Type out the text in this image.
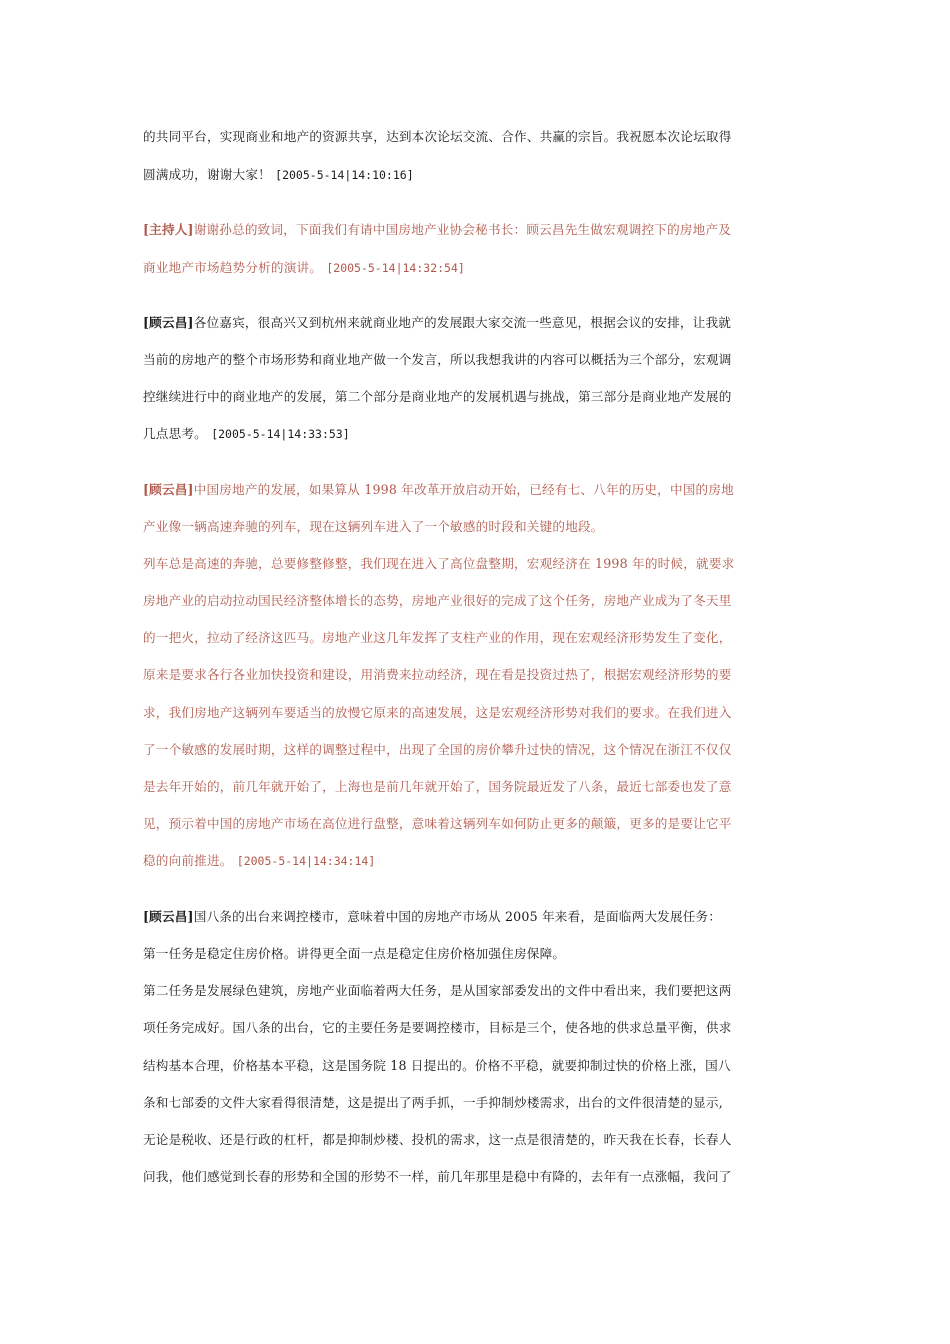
的共同平台，实现商业和地产的资源共享，达到本次论坛交流、合作、共赢的宗旨。我祝愿本次论坛取得
圆满成功，谢谢大家！ [2005-5-14|14:10:16]
[主持人]谢谢孙总的致词，下面我们有请中国房地产业协会秘书长：顾云昌先生做宏观调控下的房地产及
商业地产市场趋势分析的演讲。 [2005-5-14|14:32:54]
[顾云昌]各位嘉宾，很高兴又到杭州来就商业地产的发展跟大家交流一些意见，根据会议的安排，让我就
当前的房地产的整个市场形势和商业地产做一个发言，所以我想我讲的内容可以概括为三个部分，宏观调
控继续进行中的商业地产的发展，第二个部分是商业地产的发展机遇与挑战，第三部分是商业地产发展的
几点思考。 [2005-5-14|14:33:53]
[顾云昌]中国房地产的发展，如果算从 1998 年改革开放启动开始，已经有七、八年的历史，中国的房地
产业像一辆高速奔驰的列车，现在这辆列车进入了一个敏感的时段和关键的地段。
列车总是高速的奔驰，总要修整修整，我们现在进入了高位盘整期，宏观经济在 1998 年的时候，就要求
房地产业的启动拉动国民经济整体增长的态势，房地产业很好的完成了这个任务，房地产业成为了冬天里
的一把火，拉动了经济这匹马。房地产业这几年发挥了支柱产业的作用，现在宏观经济形势发生了变化，
原来是要求各行各业加快投资和建设，用消费来拉动经济，现在看是投资过热了，根据宏观经济形势的要
求，我们房地产这辆列车要适当的放慢它原来的高速发展，这是宏观经济形势对我们的要求。在我们进入
了一个敏感的发展时期，这样的调整过程中，出现了全国的房价攀升过快的情况，这个情况在浙江不仅仅
是去年开始的，前几年就开始了，上海也是前几年就开始了，国务院最近发了八条，最近七部委也发了意
见，预示着中国的房地产市场在高位进行盘整，意味着这辆列车如何防止更多的颠簸，更多的是要让它平
稳的向前推进。 [2005-5-14|14:34:14]
[顾云昌]国八条的出台来调控楼市，意味着中国的房地产市场从 2005 年来看，是面临两大发展任务：
第一任务是稳定住房价格。讲得更全面一点是稳定住房价格加强住房保障。
第二任务是发展绿色建筑，房地产业面临着两大任务，是从国家部委发出的文件中看出来，我们要把这两
项任务完成好。国八条的出台，它的主要任务是要调控楼市，目标是三个，使各地的供求总量平衡，供求
结构基本合理，价格基本平稳，这是国务院 18 日提出的。价格不平稳，就要抑制过快的价格上涨，国八
条和七部委的文件大家看得很清楚，这是提出了两手抓，一手抑制炒楼需求，出台的文件很清楚的显示,
无论是税收、还是行政的杠杆，都是抑制炒楼、投机的需求，这一点是很清楚的，昨天我在长春，长春人
问我，他们感觉到长春的形势和全国的形势不一样，前几年那里是稳中有降的，去年有一点涨幅，我问了
